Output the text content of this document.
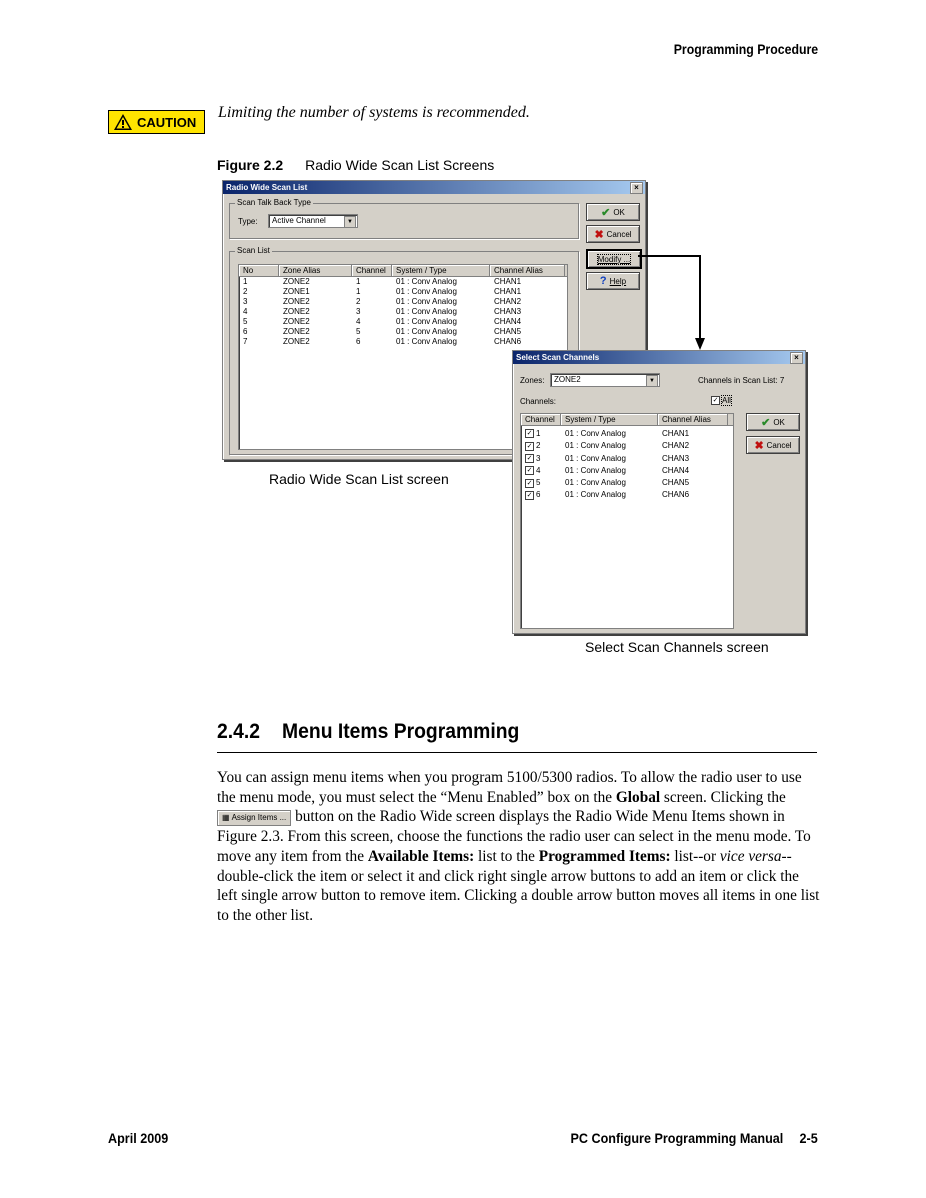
Programming Procedure
CAUTION
Limiting the number of systems is recommended.
Figure 2.2 Radio Wide Scan List Screens
Radio Wide Scan List	×
Scan Talk Back Type
Type:	Active Channel	▼
Scan List
No	Zone Alias	Channel	System / Type	Channel Alias
1	ZONE2	1	01 : Conv Analog	CHAN1
2	ZONE1	1	01 : Conv Analog	CHAN1
3	ZONE2	2	01 : Conv Analog	CHAN2
4	ZONE2	3	01 : Conv Analog	CHAN3
5	ZONE2	4	01 : Conv Analog	CHAN4
6	ZONE2	5	01 : Conv Analog	CHAN5
7	ZONE2	6	01 : Conv Analog	CHAN6
✔ OK
✖ Cancel
Modify ...
? Help
Radio Wide Scan List screen
Select Scan Channels	×
Zones:	ZONE2	▼	Channels in Scan List: 7
Channels:	✓ All
Channel	System / Type	Channel Alias
✓ 1	01 : Conv Analog	CHAN1
✓ 2	01 : Conv Analog	CHAN2
✓ 3	01 : Conv Analog	CHAN3
✓ 4	01 : Conv Analog	CHAN4
✓ 5	01 : Conv Analog	CHAN5
✓ 6	01 : Conv Analog	CHAN6
✔ OK
✖ Cancel
Select Scan Channels screen
2.4.2 Menu Items Programming
You can assign menu items when you program 5100/5300 radios. To allow the radio user to use the menu mode, you must select the “Menu Enabled” box on the Global screen. Clicking the
▦ Assign Items ... button on the Radio Wide screen displays the Radio Wide Menu Items shown in Figure 2.3. From this screen, choose the functions the radio user can select in the menu mode. To move any item from the Available Items: list to the Programmed Items: list--or vice versa--double-click the item or select it and click right single arrow buttons to add an item or click the left single arrow button to remove item. Clicking a double arrow button moves all items in one list to the other list.
April 2009	PC Configure Programming Manual 2-5
